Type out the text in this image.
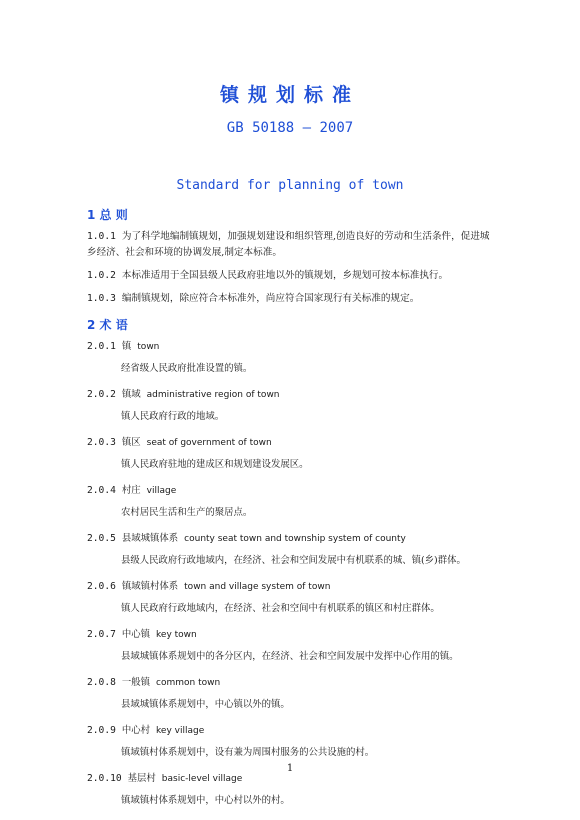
镇规划标准
GB 50188 — 2007
Standard for planning of town
1 总 则
1.0.1 为了科学地编制镇规划，加强规划建设和组织管理,创造良好的劳动和生活条件，促进城乡经济、社会和环境的协调发展,制定本标准。
1.0.2 本标准适用于全国县级人民政府驻地以外的镇规划，乡规划可按本标准执行。
1.0.3 编制镇规划，除应符合本标准外，尚应符合国家现行有关标准的规定。
2 术 语
2.0.1 镇 town
经省级人民政府批准设置的镇。
2.0.2 镇域 administrative region of town
镇人民政府行政的地域。
2.0.3 镇区 seat of government of town
镇人民政府驻地的建成区和规划建设发展区。
2.0.4 村庄 village
农村居民生活和生产的聚居点。
2.0.5 县域城镇体系 county seat town and township system of county
县级人民政府行政地域内，在经济、社会和空间发展中有机联系的城、镇(乡)群体。
2.0.6 镇域镇村体系 town and village system of town
镇人民政府行政地域内，在经济、社会和空间中有机联系的镇区和村庄群体。
2.0.7 中心镇 key town
县域城镇体系规划中的各分区内，在经济、社会和空间发展中发挥中心作用的镇。
2.0.8 一般镇 common town
县域城镇体系规划中，中心镇以外的镇。
2.0.9 中心村 key village
镇域镇村体系规划中，设有兼为周围村服务的公共设施的村。
2.0.10 基层村 basic-level village
镇域镇村体系规划中，中心村以外的村。
1
